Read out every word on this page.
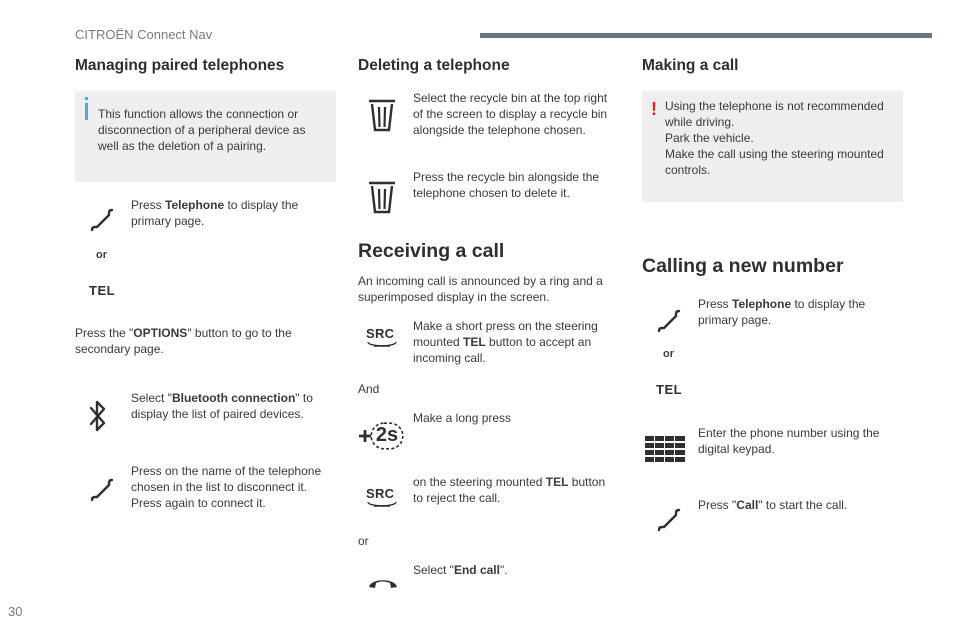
CITROËN Connect Nav
Managing paired telephones
This function allows the connection or disconnection of a peripheral device as well as the deletion of a pairing.
Press Telephone to display the primary page.
or
TEL
Press the "OPTIONS" button to go to the secondary page.
Select "Bluetooth connection" to display the list of paired devices.
Press on the name of the telephone chosen in the list to disconnect it. Press again to connect it.
Deleting a telephone
Select the recycle bin at the top right of the screen to display a recycle bin alongside the telephone chosen.
Press the recycle bin alongside the telephone chosen to delete it.
Receiving a call
An incoming call is announced by a ring and a superimposed display in the screen.
SRC	Make a short press on the steering mounted TEL button to accept an incoming call.
And
2s
Make a long press
SRC
on the steering mounted TEL button to reject the call.
or
Select "End call".
Making a call
! Using the telephone is not recommended while driving.
Park the vehicle.
Make the call using the steering mounted controls.
Calling a new number
Press Telephone to display the primary page.
or
TEL
Enter the phone number using the digital keypad.
Press "Call" to start the call.
30
